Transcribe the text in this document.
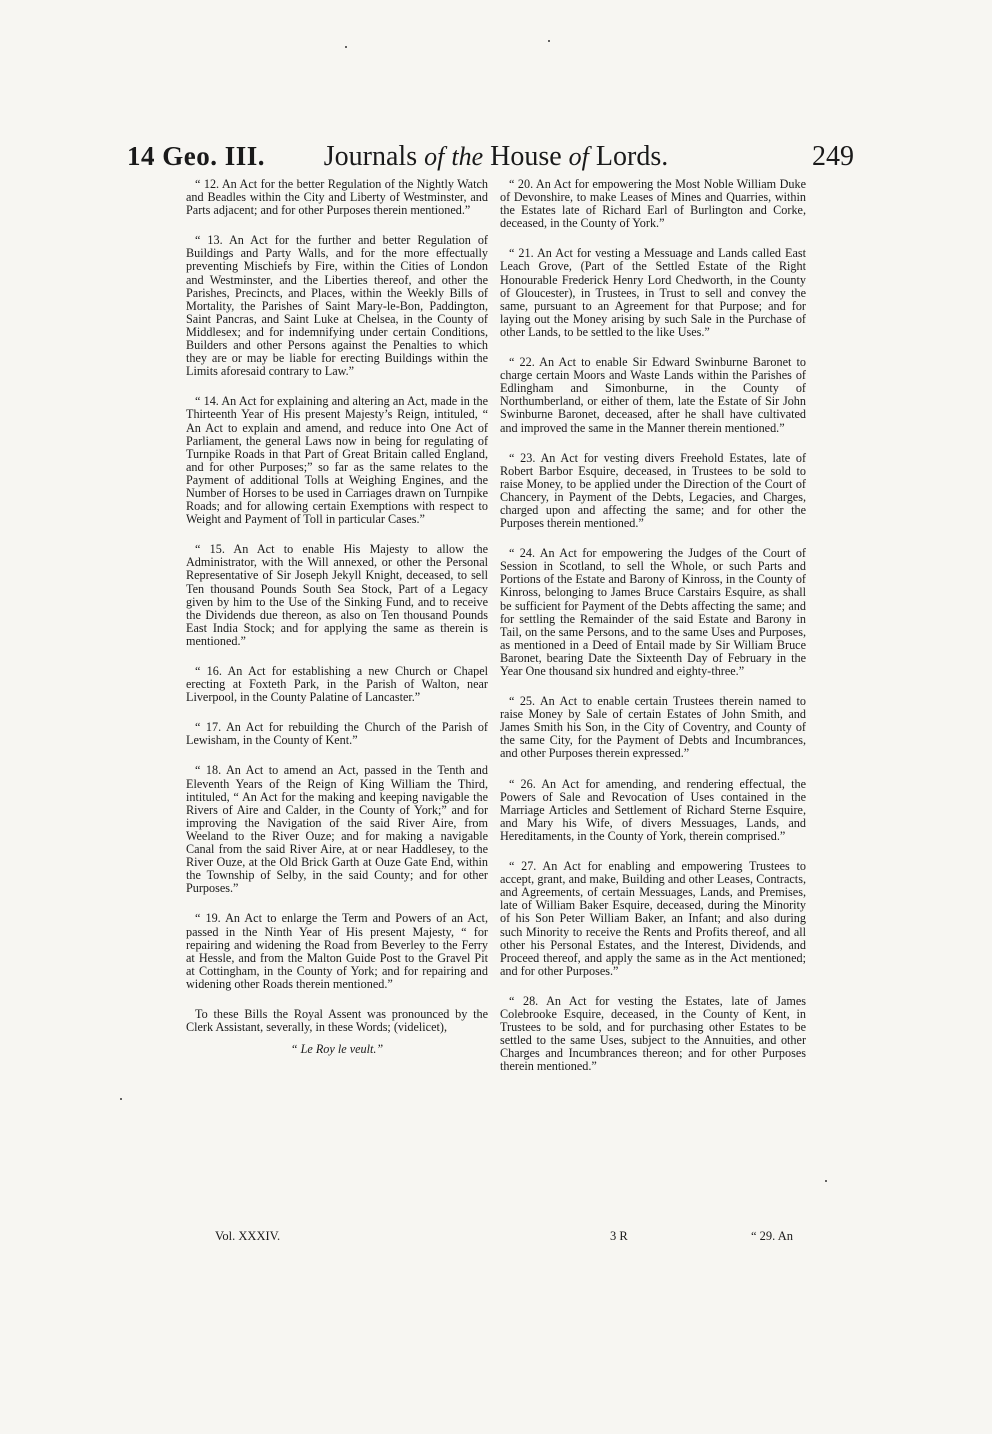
14 Geo. III.	Journals of the House of Lords.	249

“ 12. An Act for the better Regulation of the Nightly Watch and Beadles within the City and Liberty of Westminster, and Parts adjacent; and for other Purposes therein mentioned.”

“ 13. An Act for the further and better Regulation of Buildings and Party Walls, and for the more effectually preventing Mischiefs by Fire, within the Cities of London and Westminster, and the Liberties thereof, and other the Parishes, Precincts, and Places, within the Weekly Bills of Mortality, the Parishes of Saint Mary-le-Bon, Paddington, Saint Pancras, and Saint Luke at Chelsea, in the County of Middlesex; and for indemnifying under certain Conditions, Builders and other Persons against the Penalties to which they are or may be liable for erecting Buildings within the Limits aforesaid contrary to Law.”

“ 14. An Act for explaining and altering an Act, made in the Thirteenth Year of His present Majesty’s Reign, intituled, “ An Act to explain and amend, and reduce into One Act of Parliament, the general Laws now in being for regulating of Turnpike Roads in that Part of Great Britain called England, and for other Purposes;” so far as the same relates to the Payment of additional Tolls at Weighing Engines, and the Number of Horses to be used in Carriages drawn on Turnpike Roads; and for allowing certain Exemptions with respect to Weight and Payment of Toll in particular Cases.”

“ 15. An Act to enable His Majesty to allow the Administrator, with the Will annexed, or other the Personal Representative of Sir Joseph Jekyll Knight, deceased, to sell Ten thousand Pounds South Sea Stock, Part of a Legacy given by him to the Use of the Sinking Fund, and to receive the Dividends due thereon, as also on Ten thousand Pounds East India Stock; and for applying the same as therein is mentioned.”

“ 16. An Act for establishing a new Church or Chapel erecting at Foxteth Park, in the Parish of Walton, near Liverpool, in the County Palatine of Lancaster.”

“ 17. An Act for rebuilding the Church of the Parish of Lewisham, in the County of Kent.”

“ 18. An Act to amend an Act, passed in the Tenth and Eleventh Years of the Reign of King William the Third, intituled, “ An Act for the making and keeping navigable the Rivers of Aire and Calder, in the County of York;” and for improving the Navigation of the said River Aire, from Weeland to the River Ouze; and for making a navigable Canal from the said River Aire, at or near Haddlesey, to the River Ouze, at the Old Brick Garth at Ouze Gate End, within the Township of Selby, in the said County; and for other Purposes.”

“ 19. An Act to enlarge the Term and Powers of an Act, passed in the Ninth Year of His present Majesty, “ for repairing and widening the Road from Beverley to the Ferry at Hessle, and from the Malton Guide Post to the Gravel Pit at Cottingham, in the County of York; and for repairing and widening other Roads therein mentioned.”

To these Bills the Royal Assent was pronounced by the Clerk Assistant, severally, in these Words; (videlicet),

“ Le Roy le veult.”

“ 20. An Act for empowering the Most Noble William Duke of Devonshire, to make Leases of Mines and Quarries, within the Estates late of Richard Earl of Burlington and Corke, deceased, in the County of York.”

“ 21. An Act for vesting a Messuage and Lands called East Leach Grove, (Part of the Settled Estate of the Right Honourable Frederick Henry Lord Chedworth, in the County of Gloucester), in Trustees, in Trust to sell and convey the same, pursuant to an Agreement for that Purpose; and for laying out the Money arising by such Sale in the Purchase of other Lands, to be settled to the like Uses.”

“ 22. An Act to enable Sir Edward Swinburne Baronet to charge certain Moors and Waste Lands within the Parishes of Edlingham and Simonburne, in the County of Northumberland, or either of them, late the Estate of Sir John Swinburne Baronet, deceased, after he shall have cultivated and improved the same in the Manner therein mentioned.”

“ 23. An Act for vesting divers Freehold Estates, late of Robert Barbor Esquire, deceased, in Trustees to be sold to raise Money, to be applied under the Direction of the Court of Chancery, in Payment of the Debts, Legacies, and Charges, charged upon and affecting the same; and for other the Purposes therein mentioned.”

“ 24. An Act for empowering the Judges of the Court of Session in Scotland, to sell the Whole, or such Parts and Portions of the Estate and Barony of Kinross, in the County of Kinross, belonging to James Bruce Carstairs Esquire, as shall be sufficient for Payment of the Debts affecting the same; and for settling the Remainder of the said Estate and Barony in Tail, on the same Persons, and to the same Uses and Purposes, as mentioned in a Deed of Entail made by Sir William Bruce Baronet, bearing Date the Sixteenth Day of February in the Year One thousand six hundred and eighty-three.”

“ 25. An Act to enable certain Trustees therein named to raise Money by Sale of certain Estates of John Smith, and James Smith his Son, in the City of Coventry, and County of the same City, for the Payment of Debts and Incumbrances, and other Purposes therein expressed.”

“ 26. An Act for amending, and rendering effectual, the Powers of Sale and Revocation of Uses contained in the Marriage Articles and Settlement of Richard Sterne Esquire, and Mary his Wife, of divers Messuages, Lands, and Hereditaments, in the County of York, therein comprised.”

“ 27. An Act for enabling and empowering Trustees to accept, grant, and make, Building and other Leases, Contracts, and Agreements, of certain Messuages, Lands, and Premises, late of William Baker Esquire, deceased, during the Minority of his Son Peter William Baker, an Infant; and also during such Minority to receive the Rents and Profits thereof, and all other his Personal Estates, and the Interest, Dividends, and Proceed thereof, and apply the same as in the Act mentioned; and for other Purposes.”

“ 28. An Act for vesting the Estates, late of James Colebrooke Esquire, deceased, in the County of Kent, in Trustees to be sold, and for purchasing other Estates to be settled to the same Uses, subject to the Annuities, and other Charges and Incumbrances thereon; and for other Purposes therein mentioned.”

Vol. XXXIV.	3 R	“ 29. An
